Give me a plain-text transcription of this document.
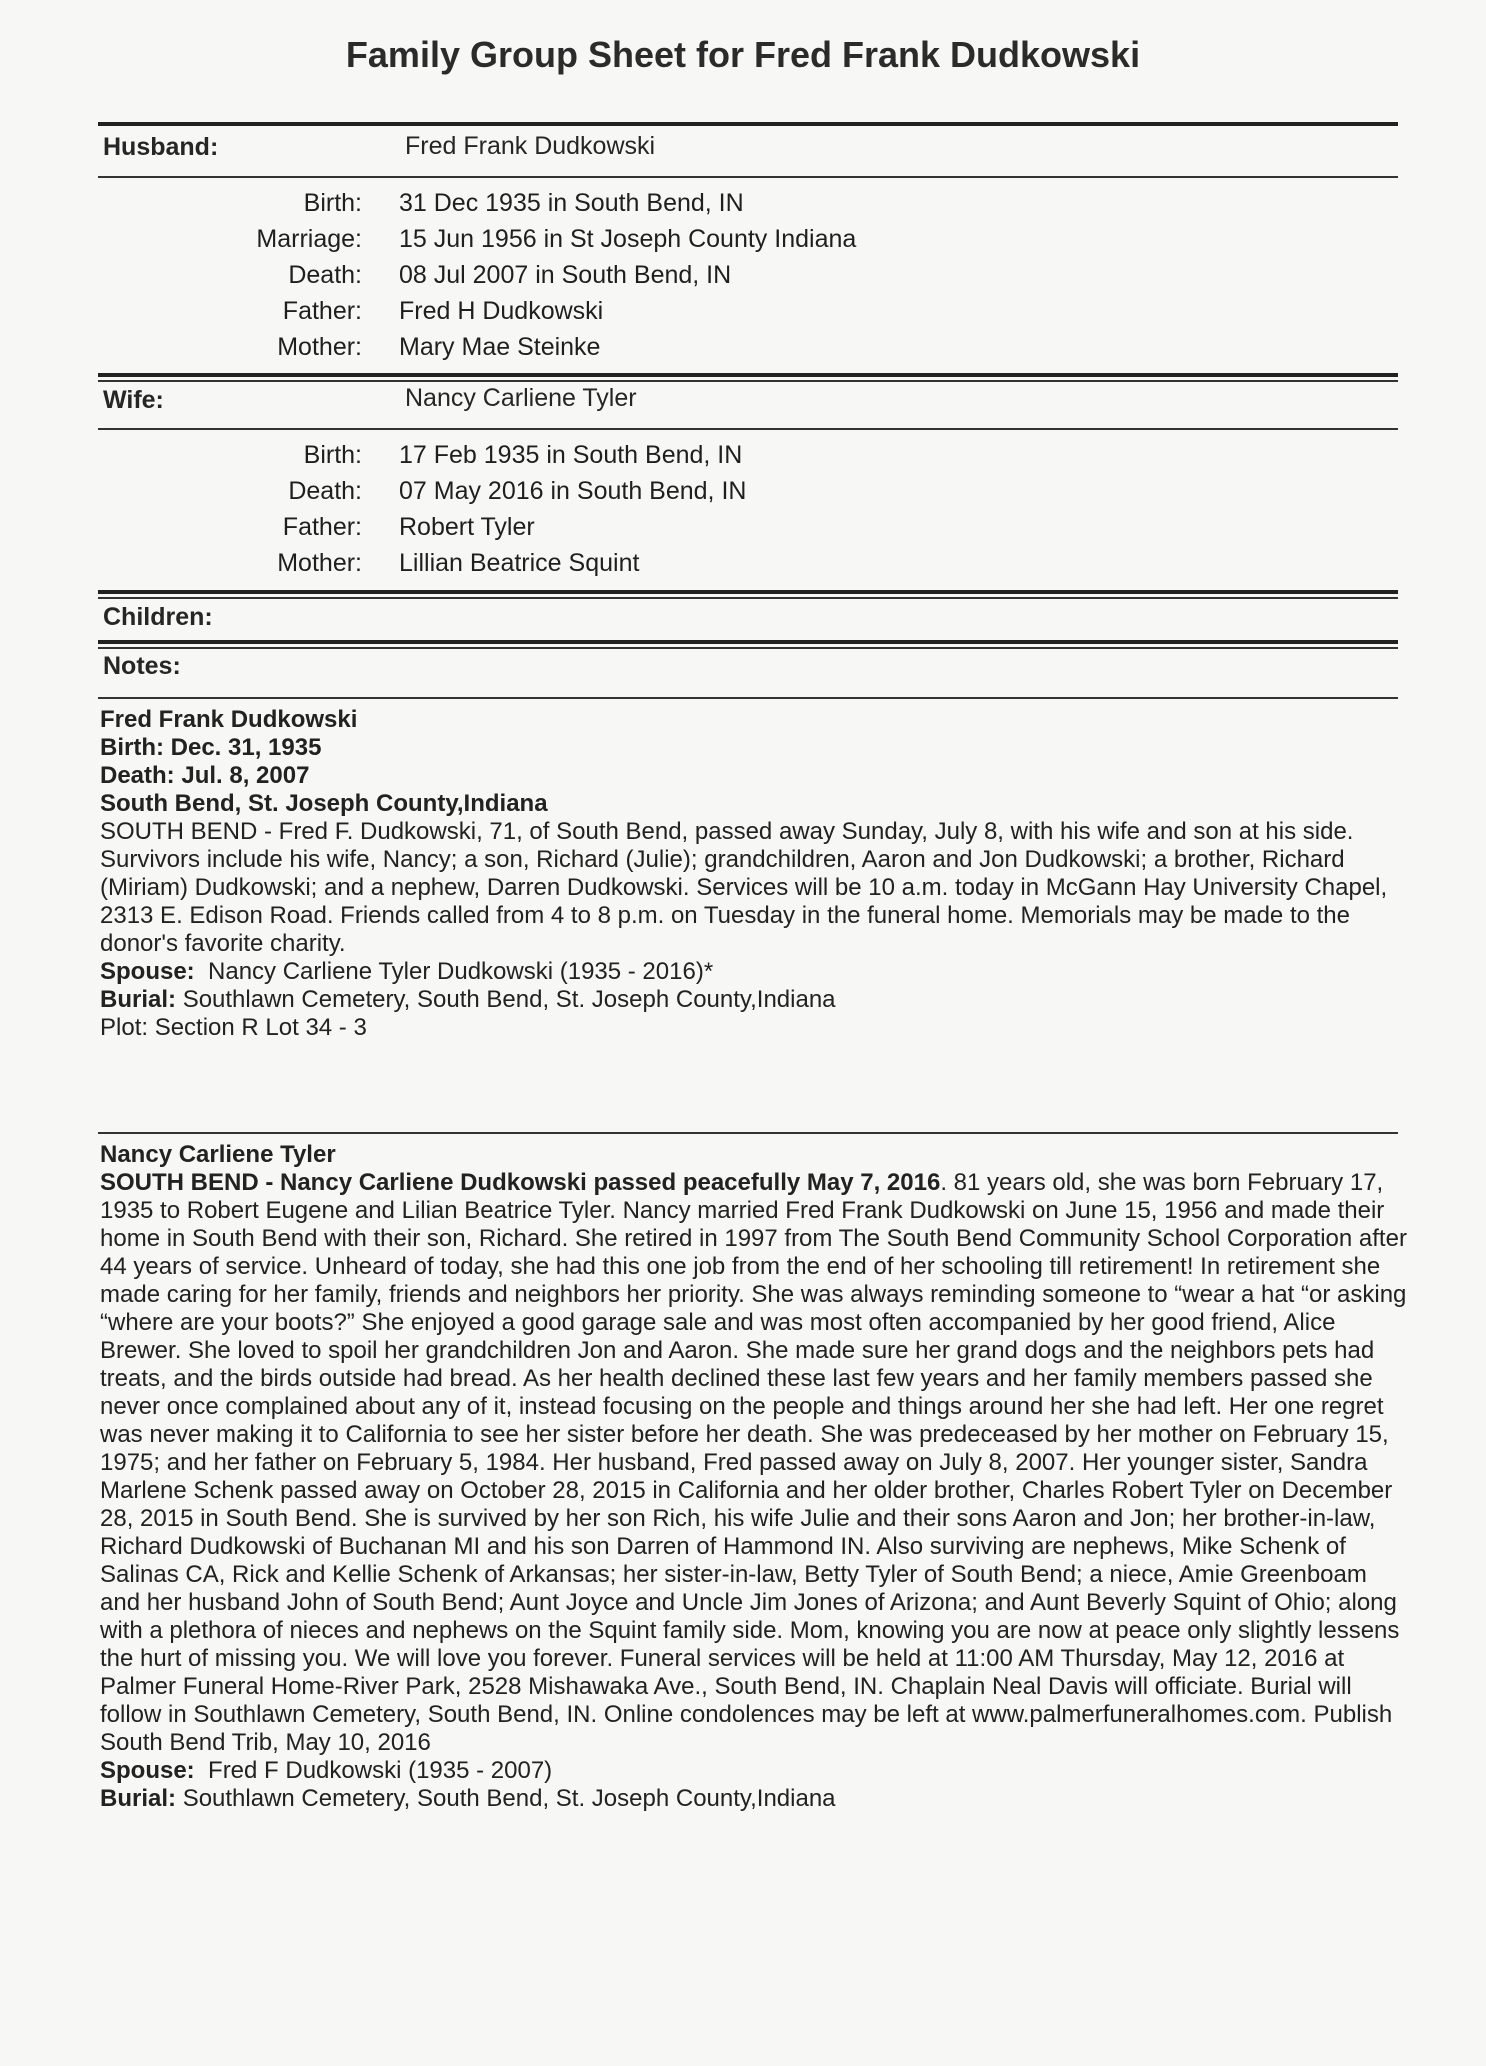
Family Group Sheet for Fred Frank Dudkowski
Husband:	Fred Frank Dudkowski
Birth: 31 Dec 1935 in South Bend, IN
Marriage: 15 Jun 1956 in St Joseph County Indiana
Death: 08 Jul 2007 in South Bend, IN
Father: Fred H Dudkowski
Mother: Mary Mae Steinke
Wife:	Nancy Carliene Tyler
Birth: 17 Feb 1935 in South Bend, IN
Death: 07 May 2016 in South Bend, IN
Father: Robert Tyler
Mother: Lillian Beatrice Squint
Children:
Notes:
Fred Frank Dudkowski
Birth: Dec. 31, 1935
Death: Jul. 8, 2007
South Bend, St. Joseph County,Indiana
SOUTH BEND - Fred F. Dudkowski, 71, of South Bend, passed away Sunday, July 8, with his wife and son at his side. Survivors include his wife, Nancy; a son, Richard (Julie); grandchildren, Aaron and Jon Dudkowski; a brother, Richard (Miriam) Dudkowski; and a nephew, Darren Dudkowski. Services will be 10 a.m. today in McGann Hay University Chapel, 2313 E. Edison Road. Friends called from 4 to 8 p.m. on Tuesday in the funeral home. Memorials may be made to the donor's favorite charity.
Spouse: Nancy Carliene Tyler Dudkowski (1935 - 2016)*
Burial: Southlawn Cemetery, South Bend, St. Joseph County,Indiana
Plot: Section R Lot 34 - 3
Nancy Carliene Tyler
SOUTH BEND - Nancy Carliene Dudkowski passed peacefully May 7, 2016. 81 years old, she was born February 17, 1935 to Robert Eugene and Lilian Beatrice Tyler. Nancy married Fred Frank Dudkowski on June 15, 1956 and made their home in South Bend with their son, Richard. She retired in 1997 from The South Bend Community School Corporation after 44 years of service. Unheard of today, she had this one job from the end of her schooling till retirement! In retirement she made caring for her family, friends and neighbors her priority. She was always reminding someone to “wear a hat “or asking “where are your boots?” She enjoyed a good garage sale and was most often accompanied by her good friend, Alice Brewer. She loved to spoil her grandchildren Jon and Aaron. She made sure her grand dogs and the neighbors pets had treats, and the birds outside had bread. As her health declined these last few years and her family members passed she never once complained about any of it, instead focusing on the people and things around her she had left. Her one regret was never making it to California to see her sister before her death. She was predeceased by her mother on February 15, 1975; and her father on February 5, 1984. Her husband, Fred passed away on July 8, 2007. Her younger sister, Sandra Marlene Schenk passed away on October 28, 2015 in California and her older brother, Charles Robert Tyler on December 28, 2015 in South Bend. She is survived by her son Rich, his wife Julie and their sons Aaron and Jon; her brother-in-law, Richard Dudkowski of Buchanan MI and his son Darren of Hammond IN. Also surviving are nephews, Mike Schenk of Salinas CA, Rick and Kellie Schenk of Arkansas; her sister-in-law, Betty Tyler of South Bend; a niece, Amie Greenboam and her husband John of South Bend; Aunt Joyce and Uncle Jim Jones of Arizona; and Aunt Beverly Squint of Ohio; along with a plethora of nieces and nephews on the Squint family side. Mom, knowing you are now at peace only slightly lessens the hurt of missing you. We will love you forever. Funeral services will be held at 11:00 AM Thursday, May 12, 2016 at Palmer Funeral Home-River Park, 2528 Mishawaka Ave., South Bend, IN. Chaplain Neal Davis will officiate. Burial will follow in Southlawn Cemetery, South Bend, IN. Online condolences may be left at www.palmerfuneralhomes.com. Publish South Bend Trib, May 10, 2016
Spouse: Fred F Dudkowski (1935 - 2007)
Burial: Southlawn Cemetery, South Bend, St. Joseph County,Indiana
